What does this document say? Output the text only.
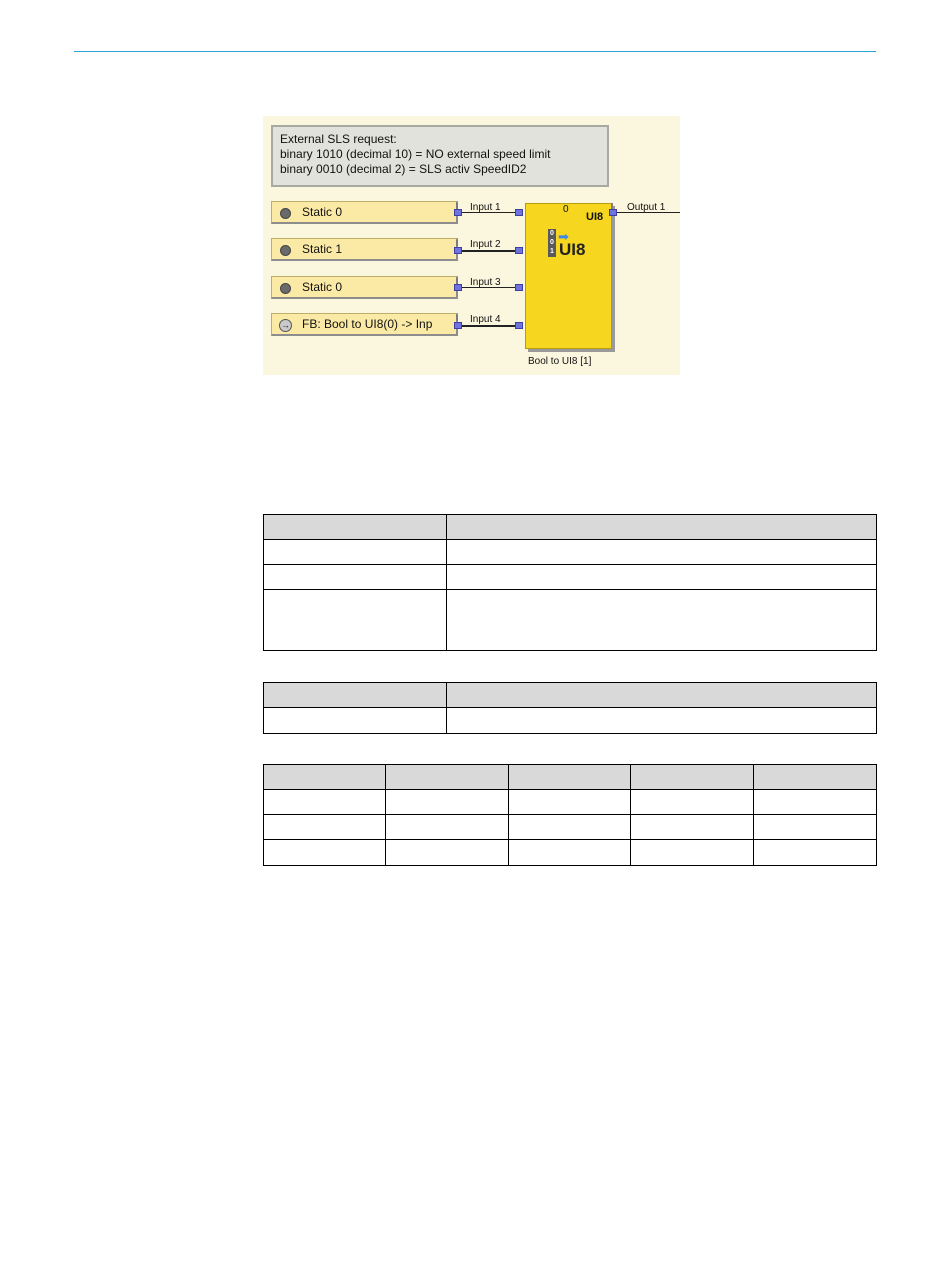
External SLS request:
binary 1010 (decimal 10) = NO external speed limit
binary 0010 (decimal 2) = SLS activ SpeedID2
Static 0	Input 1
Static 1	Input 2
Static 0	Input 3
→ FB: Bool to UI8(0) -> Inp	Input 4
0
UI8
0
0
1
➡
UI8
Bool to UI8 [1]
Output 1
